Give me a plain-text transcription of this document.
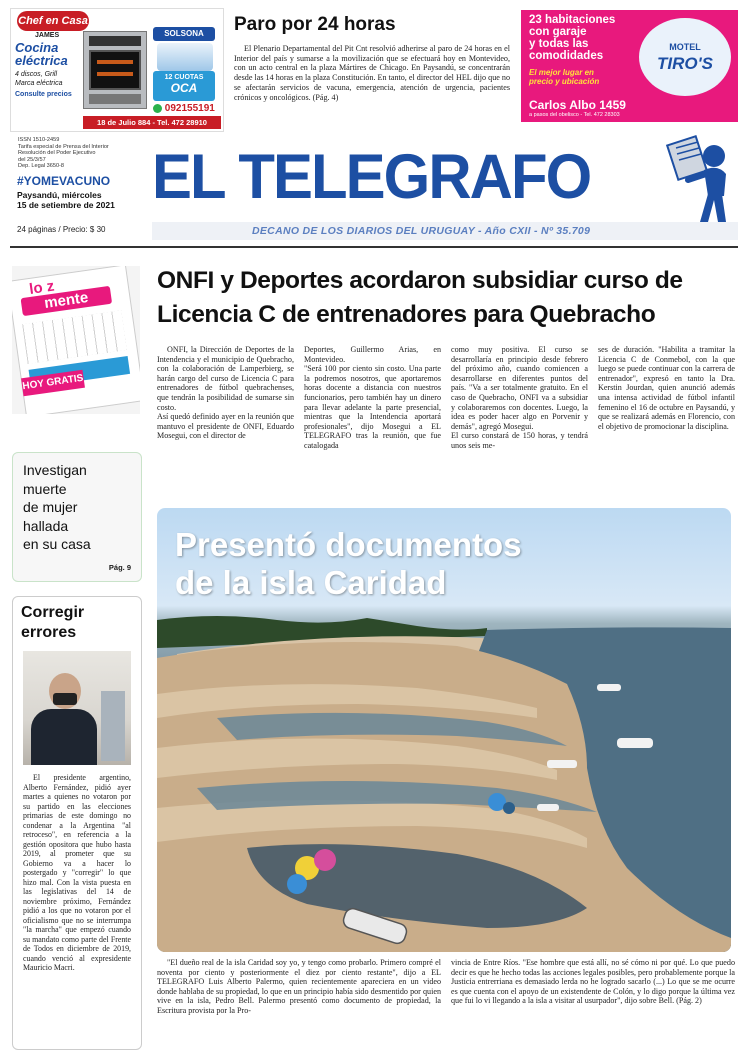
Chef en Casa
JAMES
Cocina eléctrica
4 discos, Grill
Marca eléctrica
Consulte precios
SOLSONA
12 CUOTAS
OCA
092155191
18 de Julio 884 - Tel. 472 28910
Paro por 24 horas
El Plenario Departamental del Pit Cnt resolvió adherirse al paro de 24 horas en el Interior del país y sumarse a la movilización que se efectuará hoy en Montevideo, con un acto central en la plaza Mártires de Chicago. En Paysandú, se concentrarán desde las 14 horas en la plaza Constitución. En tanto, el director del HEL dijo que no se afectarán servicios de vacuna, emergencia, atención de urgencia, pacientes crónicos y oncológicos. (Pág. 4)
23 habitaciones
con garaje
y todas las
comodidades
El mejor lugar en
precio y ubicación
MOTEL
TIRO'S
Carlos Albo 1459
a pasos del obelisco - Tel. 472 28303
ISSN 1510-2459
Tarifa especial de Prensa del Interior
Resolución del Poder Ejecutivo
del 25/3/57
Dep. Legal 3650-8
#YOMEVACUNO
Paysandú, miércoles
15 de setiembre de 2021
24 páginas / Precio: $ 30
EL TELEGRAFO
DECANO DE LOS DIARIOS DEL URUGUAY - Año CXII - Nº 35.709
lo z
mente
HOY GRATIS
Investigan
muerte
de mujer
hallada
en su casa
Pág. 9
Corregir
errores
El presidente argentino, Alberto Fernández, pidió ayer martes a quienes no votaron por su partido en las elecciones primarias de este domingo no condenar a la Argentina "al retroceso", en referencia a la gestión opositora que hubo hasta 2019, al prometer que su Gobierno va a hacer lo postergado y "corregir" lo que hizo mal. Con la vista puesta en las legislativas del 14 de noviembre próximo, Fernández pidió a los que no votaron por el oficialismo que no se interrumpa "la marcha" que empezó cuando su mandato como parte del Frente de Todos en diciembre de 2019, cuando venció al expresidente Mauricio Macri.
ONFI y Deportes acordaron subsidiar curso de
Licencia C de entrenadores para Quebracho
ONFI, la Dirección de Deportes de la Intendencia y el municipio de Quebracho, con la colaboración de Lamperbierg, se harán cargo del curso de Licencia C para entrenadores de fútbol quebrachenses, que tendrán la posibilidad de sumarse sin costo.
Así quedó definido ayer en la reunión que mantuvo el presidente de ONFI, Eduardo Mosegui, con el director de
Deportes, Guillermo Arias, en Montevideo.
"Será 100 por ciento sin costo. Una parte la podremos nosotros, que aportaremos horas docente a distancia con nuestros funcionarios, pero también hay un dinero para llevar adelante la parte presencial, mientras que la Intendencia aportará profesionales", dijo Mosegui a EL TELEGRAFO tras la reunión, que fue catalogada
como muy positiva. El curso se desarrollaría en principio desde febrero del próximo año, cuando comiencen a desarrollarse en diferentes puntos del país. "Va a ser totalmente gratuito. En el caso de Quebracho, ONFI va a subsidiar y colaboraremos con docentes. Luego, la idea es poder hacer algo en Porvenir y demás", agregó Mosegui.
El curso constará de 150 horas, y tendrá unos seis me-
ses de duración. "Habilita a tramitar la Licencia C de Conmebol, con la que luego se puede continuar con la carrera de entrenador", expresó en tanto la Dra. Kerstin Jourdan, quien anunció además una intensa actividad de fútbol infantil femenino el 16 de octubre en Paysandú, y que se realizará además en Florencio, con el objetivo de promocionar la disciplina.
Presentó documentos
de la isla Caridad
"El dueño real de la isla Caridad soy yo, y tengo como probarlo. Primero compré el noventa por ciento y posteriormente el diez por ciento restante", dijo a EL TELEGRAFO Luis Alberto Palermo, quien recientemente apareciera en un video donde hablaba de su propiedad, lo que en un principio había sido desmentido por quien vive en la isla, Pedro Bell. Palermo presentó como documento de propiedad, la Escritura provista por la Pro-
vincia de Entre Ríos. "Ese hombre que está allí, no sé cómo ni por qué. Lo que puedo decir es que he hecho todas las acciones legales posibles, pero probablemente porque la Justicia entrerriana es demasiado lerda no he logrado sacarlo (...) Lo que se me ocurre es que cuenta con el apoyo de un existendente de Colón, y lo digo porque la última vez que fui lo vi llegando a la isla a visitar al usurpador", dijo sobre Bell. (Pág. 2)
